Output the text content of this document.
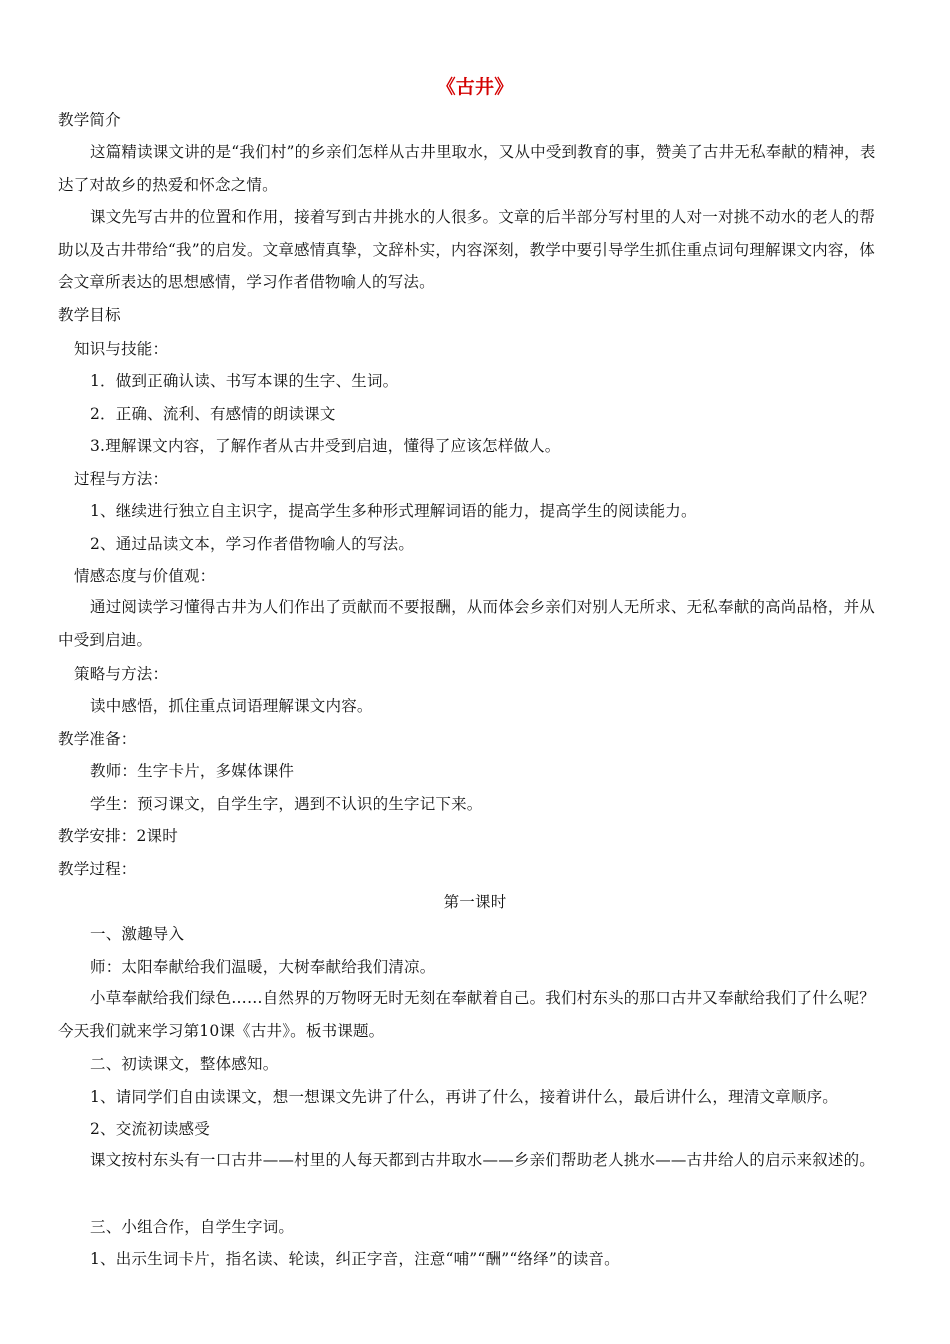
《古井》
教学简介
这篇精读课文讲的是“我们村”的乡亲们怎样从古井里取水，又从中受到教育的事，赞美了古井无私奉献的精神，表达了对故乡的热爱和怀念之情。
课文先写古井的位置和作用，接着写到古井挑水的人很多。文章的后半部分写村里的人对一对挑不动水的老人的帮助以及古井带给“我”的启发。文章感情真挚，文辞朴实，内容深刻，教学中要引导学生抓住重点词句理解课文内容，体会文章所表达的思想感情，学习作者借物喻人的写法。
教学目标
知识与技能：
1．做到正确认读、书写本课的生字、生词。
2．正确、流利、有感情的朗读课文
3.理解课文内容，了解作者从古井受到启迪，懂得了应该怎样做人。
过程与方法：
1、继续进行独立自主识字，提高学生多种形式理解词语的能力，提高学生的阅读能力。
2、通过品读文本，学习作者借物喻人的写法。
情感态度与价值观：
通过阅读学习懂得古井为人们作出了贡献而不要报酬，从而体会乡亲们对别人无所求、无私奉献的高尚品格，并从中受到启迪。
策略与方法：
读中感悟，抓住重点词语理解课文内容。
教学准备：
教师：生字卡片，多媒体课件
学生：预习课文，自学生字，遇到不认识的生字记下来。
教学安排：2课时
教学过程：
第一课时
一、激趣导入
师：太阳奉献给我们温暖，大树奉献给我们清凉。
小草奉献给我们绿色……自然界的万物呀无时无刻在奉献着自己。我们村东头的那口古井又奉献给我们了什么呢？今天我们就来学习第10课《古井》。板书课题。
二、初读课文，整体感知。
1、请同学们自由读课文，想一想课文先讲了什么，再讲了什么，接着讲什么，最后讲什么，理清文章顺序。
2、交流初读感受
课文按村东头有一口古井——村里的人每天都到古井取水——乡亲们帮助老人挑水——古井给人的启示来叙述的。
三、小组合作，自学生字词。
1、出示生词卡片，指名读、轮读，纠正字音，注意“哺”“酬”“络绎”的读音。
